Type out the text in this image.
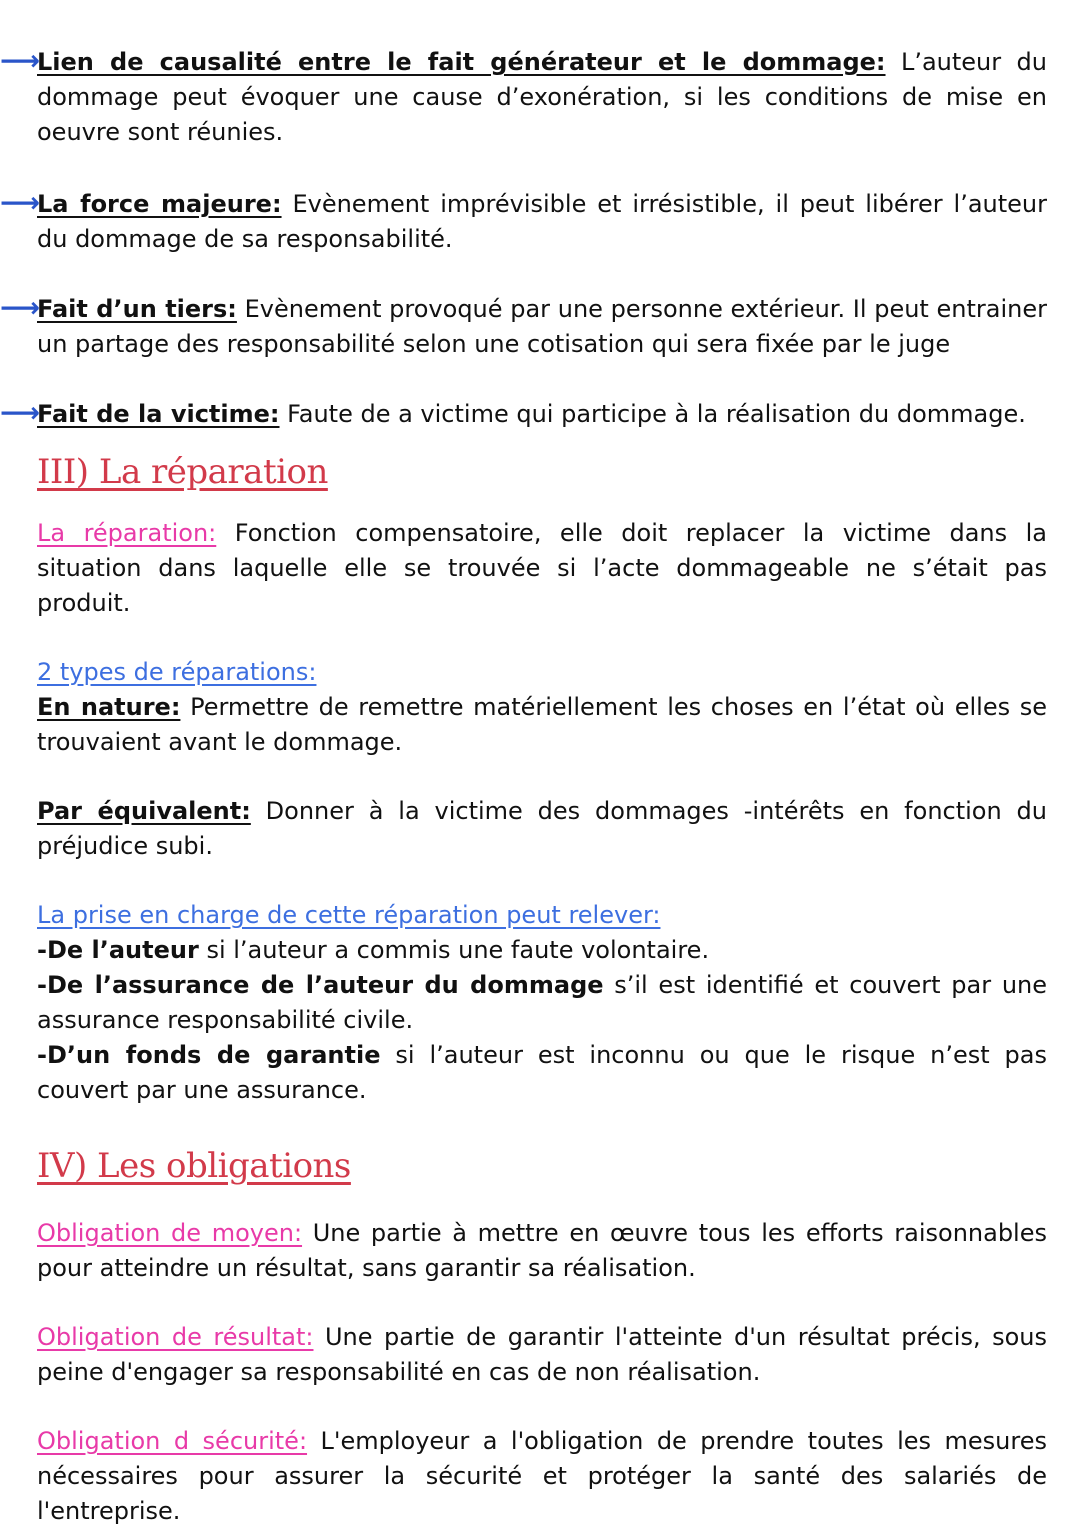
⟶

Lien de causalité entre le fait générateur et le dommage: L’auteur du dommage peut évoquer une cause d’exonération, si les conditions de mise en oeuvre sont réunies.

⟶

La force majeure: Evènement imprévisible et irrésistible, il peut libérer l’auteur du dommage de sa responsabilité.

⟶

Fait d’un tiers: Evènement provoqué par une personne extérieur. Il peut entrainer un partage des responsabilité selon une cotisation qui sera fixée par le juge

⟶

Fait de la victime: Faute de a victime qui participe à la réalisation du dommage.

III) La réparation

La réparation: Fonction compensatoire, elle doit replacer la victime dans la situation dans laquelle elle se trouvée si l’acte dommageable ne s’était pas produit.

2 types de réparations:

En nature: Permettre de remettre matériellement les choses en l’état où elles se trouvaient avant le dommage.

Par équivalent: Donner à la victime des dommages -intérêts en fonction du préjudice subi.

La prise en charge de cette réparation peut relever:

-De l’auteur si l’auteur a commis une faute volontaire.

-De l’assurance de l’auteur du dommage s’il est identifié et couvert par une assurance responsabilité civile.

-D’un fonds de garantie si l’auteur est inconnu ou que le risque n’est pas couvert par une assurance.

IV) Les obligations

Obligation de moyen: Une partie à mettre en œuvre tous les efforts raisonnables pour atteindre un résultat, sans garantir sa réalisation.

Obligation de résultat: Une partie de garantir l'atteinte d'un résultat précis, sous peine d'engager sa responsabilité en cas de non réalisation.

Obligation d sécurité: L'employeur a l'obligation de prendre toutes les mesures nécessaires pour assurer la sécurité et protéger la santé des salariés de l'entreprise.
